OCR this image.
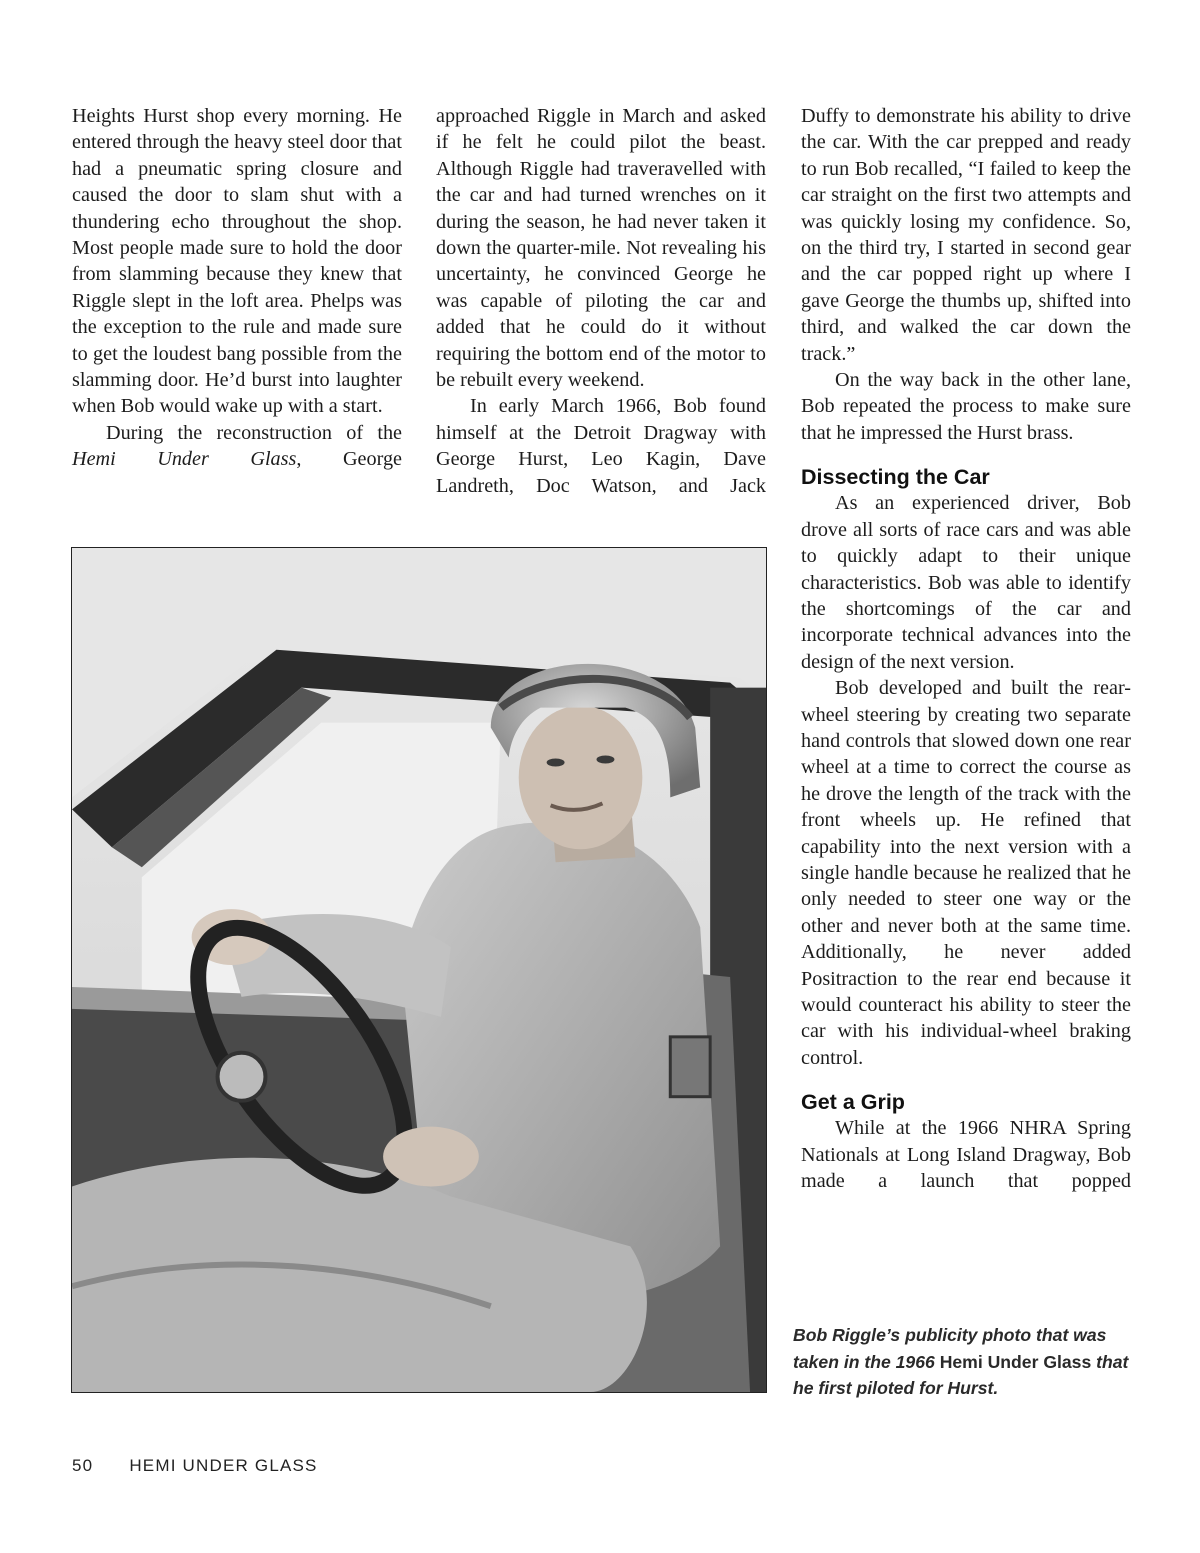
Heights Hurst shop every morning. He entered through the heavy steel door that had a pneumatic spring closure and caused the door to slam shut with a thundering echo throughout the shop. Most people made sure to hold the door from slamming because they knew that Riggle slept in the loft area. Phelps was the exception to the rule and made sure to get the loudest bang possible from the slamming door. He’d burst into laughter when Bob would wake up with a start.

During the reconstruction of the Hemi Under Glass, George

approached Riggle in March and asked if he felt he could pilot the beast. Although Riggle had traveravelled with the car and had turned wrenches on it during the season, he had never taken it down the quarter-mile. Not revealing his uncertainty, he convinced George he was capable of piloting the car and added that he could do it without requiring the bottom end of the motor to be rebuilt every weekend.

In early March 1966, Bob found himself at the Detroit Dragway with George Hurst, Leo Kagin, Dave Landreth, Doc Watson, and Jack

Duffy to demonstrate his ability to drive the car. With the car prepped and ready to run Bob recalled, “I failed to keep the car straight on the first two attempts and was quickly losing my confidence. So, on the third try, I started in second gear and the car popped right up where I gave George the thumbs up, shifted into third, and walked the car down the track.”

On the way back in the other lane, Bob repeated the process to make sure that he impressed the Hurst brass.

Dissecting the Car

As an experienced driver, Bob drove all sorts of race cars and was able to quickly adapt to their unique characteristics. Bob was able to identify the shortcomings of the car and incorporate technical advances into the design of the next version.

Bob developed and built the rear-wheel steering by creating two separate hand controls that slowed down one rear wheel at a time to correct the course as he drove the length of the track with the front wheels up. He refined that capability into the next version with a single handle because he realized that he only needed to steer one way or the other and never both at the same time. Additionally, he never added Positraction to the rear end because it would counteract his ability to steer the car with his individual-wheel braking control.

Get a Grip

While at the 1966 NHRA Spring Nationals at Long Island Dragway, Bob made a launch that popped

Bob Riggle’s publicity photo that was taken in the 1966 Hemi Under Glass that he first piloted for Hurst.
50 HEMI UNDER GLASS
